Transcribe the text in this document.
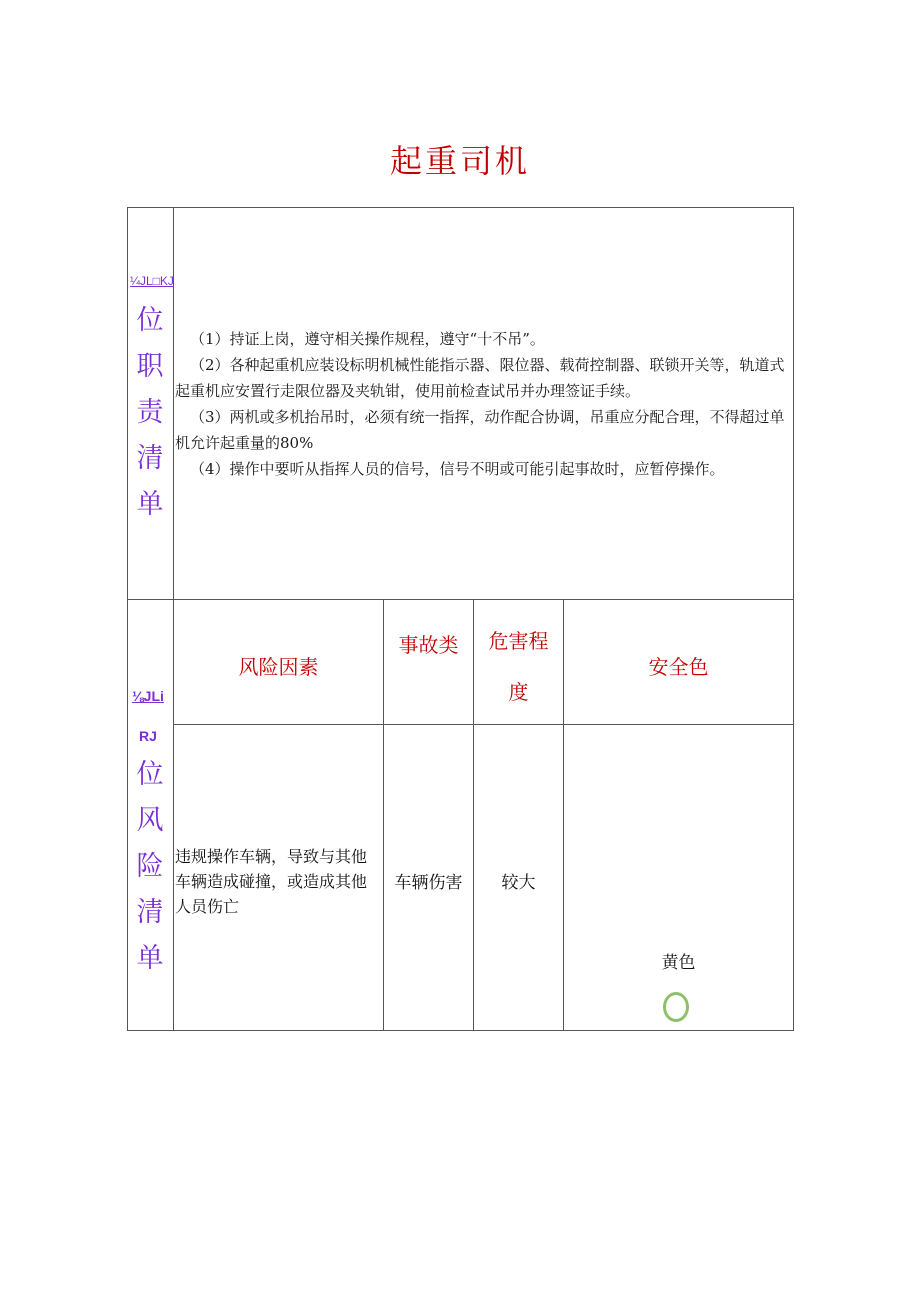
起重司机
¼JL□KJ
位
职
责
清
单

（1）持证上岗，遵守相关操作规程，遵守“十不吊”。

（2）各种起重机应装设标明机械性能指示器、限位器、载荷控制器、联锁开关等，轨道式起重机应安置行走限位器及夹轨钳，使用前检查试吊并办理签证手续。

（3）两机或多机抬吊时，必须有统一指挥，动作配合协调，吊重应分配合理，不得超过单机允许起重量的80%

（4）操作中要听从指挥人员的信号，信号不明或可能引起事故时，应暂停操作。

⅛JLi
RJ
位
风
险
清
单
风险因素
事故类	危害程
度
安全色
违规操作车辆，导致与其他车辆造成碰撞，或造成其他人员伤亡
车辆伤害	较大
黄色
